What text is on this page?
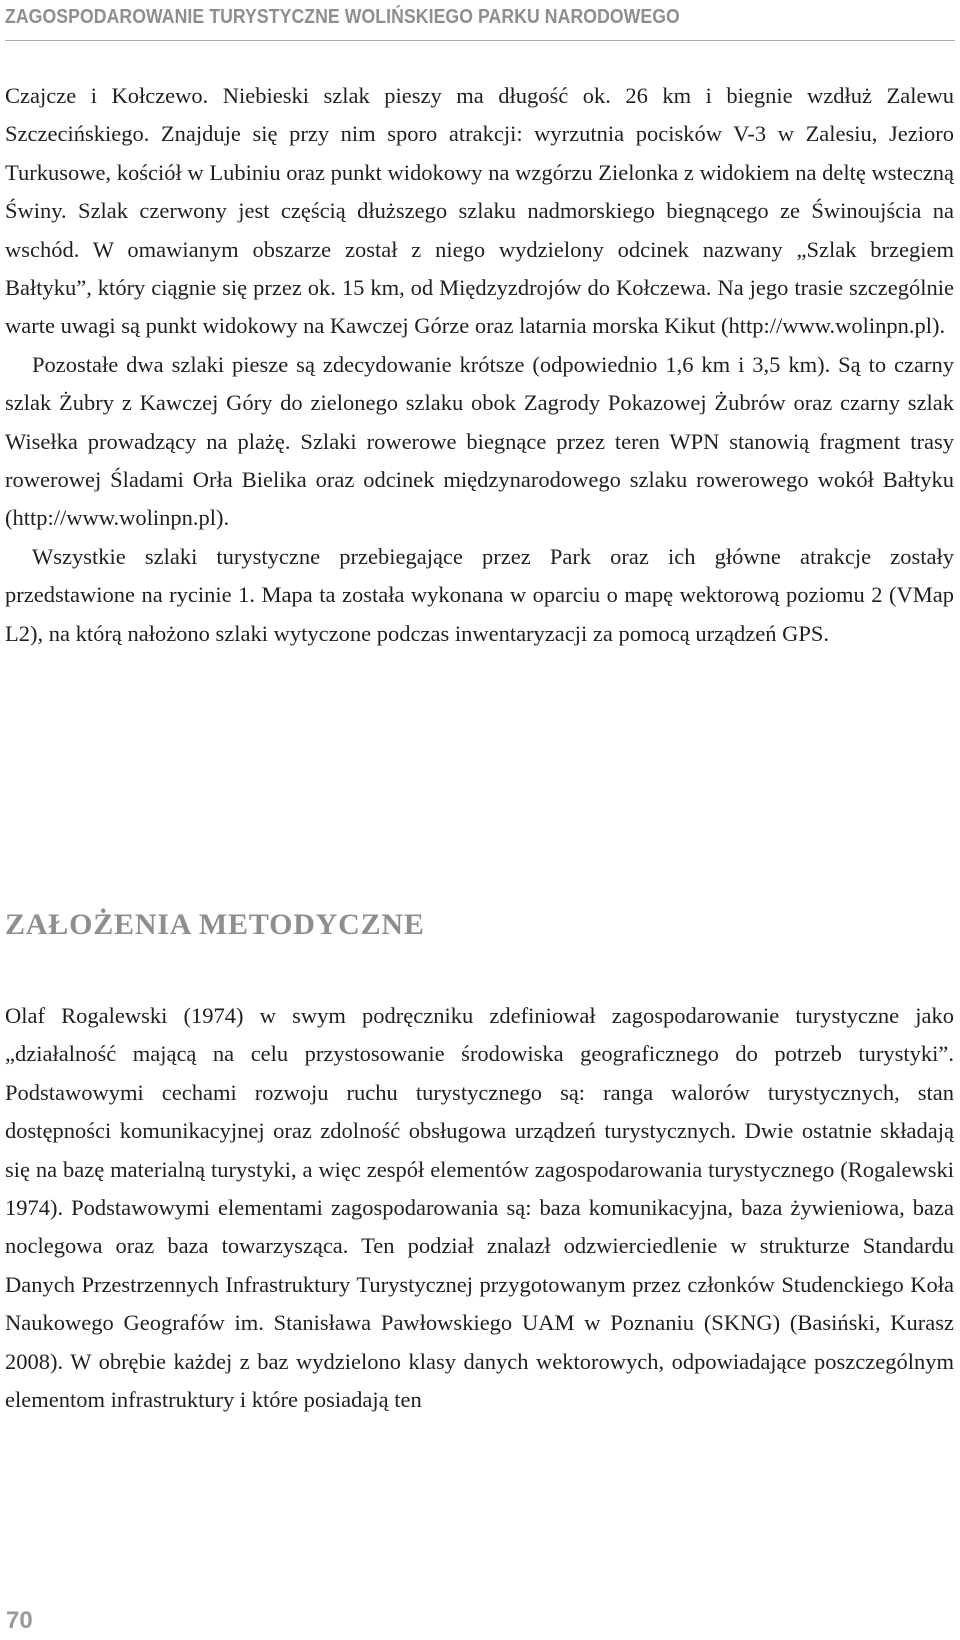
ZAGOSPODAROWANIE TURYSTYCZNE WOLIŃSKIEGO PARKU NARODOWEGO

Czajcze i Kołczewo. Niebieski szlak pieszy ma długość ok. 26 km i biegnie wzdłuż Zalewu Szczecińskiego. Znajduje się przy nim sporo atrakcji: wyrzutnia pocisków V-3 w Zalesiu, Jezioro Turkusowe, kościół w Lubiniu oraz punkt widokowy na wzgórzu Zielonka z widokiem na deltę wsteczną Świny. Szlak czerwony jest częścią dłuższego szlaku nadmorskiego biegnącego ze Świnoujścia na wschód. W omawianym obszarze został z niego wydzielony odcinek nazwany „Szlak brzegiem Bałtyku”, który ciągnie się przez ok. 15 km, od Międzyzdrojów do Kołczewa. Na jego trasie szczególnie warte uwagi są punkt widokowy na Kawczej Górze oraz latarnia morska Kikut (http://www.wolinpn.pl).

Pozostałe dwa szlaki piesze są zdecydowanie krótsze (odpowiednio 1,6 km i 3,5 km). Są to czarny szlak Żubry z Kawczej Góry do zielonego szlaku obok Zagrody Pokazowej Żubrów oraz czarny szlak Wisełka prowadzący na plażę. Szlaki rowerowe biegnące przez teren WPN stanowią fragment trasy rowerowej Śladami Orła Bielika oraz odcinek międzynarodowego szlaku rowerowego wokół Bałtyku (http://www.wolinpn.pl).

Wszystkie szlaki turystyczne przebiegające przez Park oraz ich główne atrakcje zostały przedstawione na rycinie 1. Mapa ta została wykonana w oparciu o mapę wektorową poziomu 2 (VMap L2), na którą nałożono szlaki wytyczone podczas inwentaryzacji za pomocą urządzeń GPS.

ZAŁOŻENIA METODYCZNE

Olaf Rogalewski (1974) w swym podręczniku zdefiniował zagospodarowanie turystyczne jako „działalność mającą na celu przystosowanie środowiska geograficznego do potrzeb turystyki”. Podstawowymi cechami rozwoju ruchu turystycznego są: ranga walorów turystycznych, stan dostępności komunikacyjnej oraz zdolność obsługowa urządzeń turystycznych. Dwie ostatnie składają się na bazę materialną turystyki, a więc zespół elementów zagospodarowania turystycznego (Rogalewski 1974). Podstawowymi elementami zagospodarowania są: baza komunikacyjna, baza żywieniowa, baza noclegowa oraz baza towarzysząca. Ten podział znalazł odzwierciedlenie w strukturze Standardu Danych Przestrzennych Infrastruktury Turystycznej przygotowanym przez członków Studenckiego Koła Naukowego Geografów im. Stanisława Pawłowskiego UAM w Poznaniu (SKNG) (Basiński, Kurasz 2008). W obrębie każdej z baz wydzielono klasy danych wektorowych, odpowiadające poszczególnym elementom infrastruktury i które posiadają ten

70
